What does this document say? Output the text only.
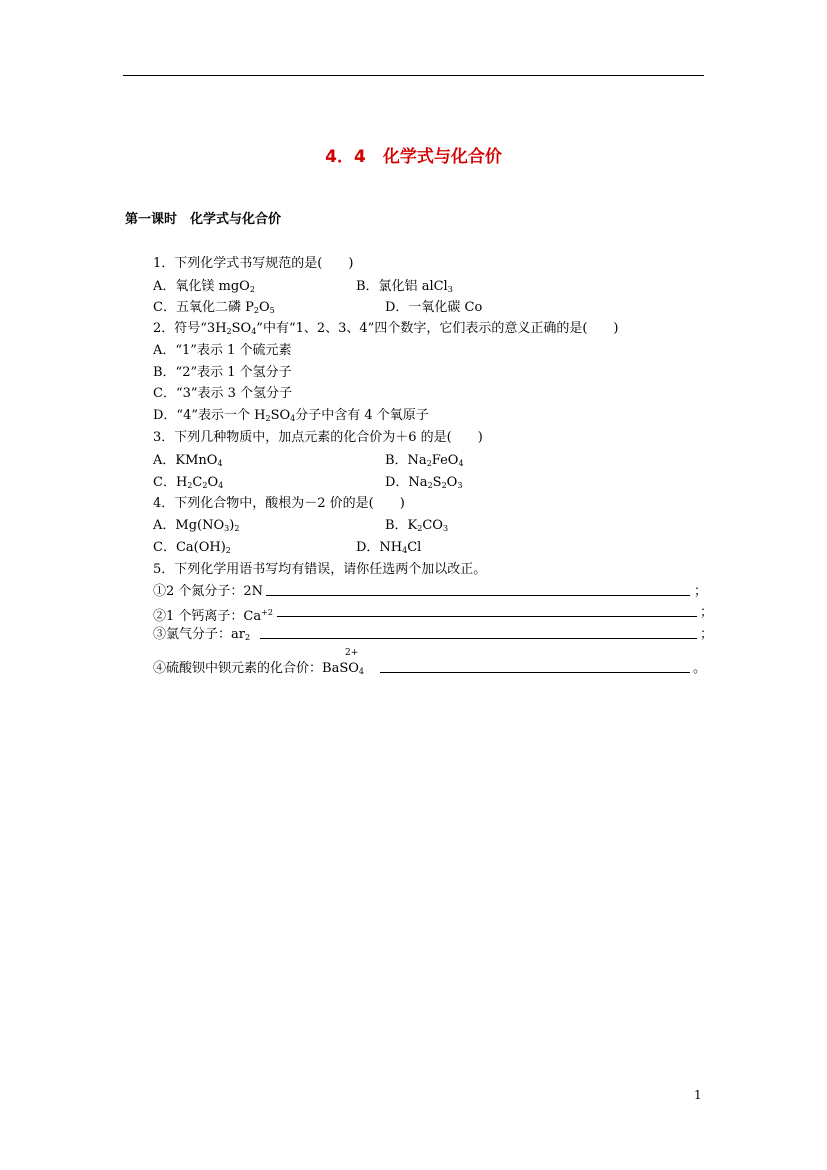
4．4　化学式与化合价
第一课时　化学式与化合价
1．下列化学式书写规范的是(　　)
A．氧化镁 mgO$_2$	B．氯化铝 alCl$_3$
C．五氧化二磷 $P_2O_5$	D．一氧化碳 Co
2．符号“$3H_2SO_4$”中有“1、2、3、4”四个数字，它们表示的意义正确的是(　　)
A．“1”表示 1 个硫元素
B．“2”表示 1 个氢分子
C．“3”表示 3 个氢分子
D．“4”表示一个 $H_2SO_4$分子中含有 4 个氧原子
3．下列几种物质中，加点元素的化合价为＋6 的是(　　)
A．KMnO$_4$	B．$Na_2FeO_4$
C．$H_2C_2O_4$	D．$Na_2S_2O_3$
4．下列化合物中，酸根为－2 价的是(　　)
A．$Mg(NO_3)_2$	B．$K_2CO_3$
C．$Ca(OH)_2$	D．$NH_4Cl$
5．下列化学用语书写均有错误，请你任选两个加以改正。
①2 个氮分子：2N	；
②1 个钙离子：$Ca^{+2}$	；
③氯气分子：$ar_2$	；
2+
④硫酸钡中钡元素的化合价：BaSO$_4$	。
1
